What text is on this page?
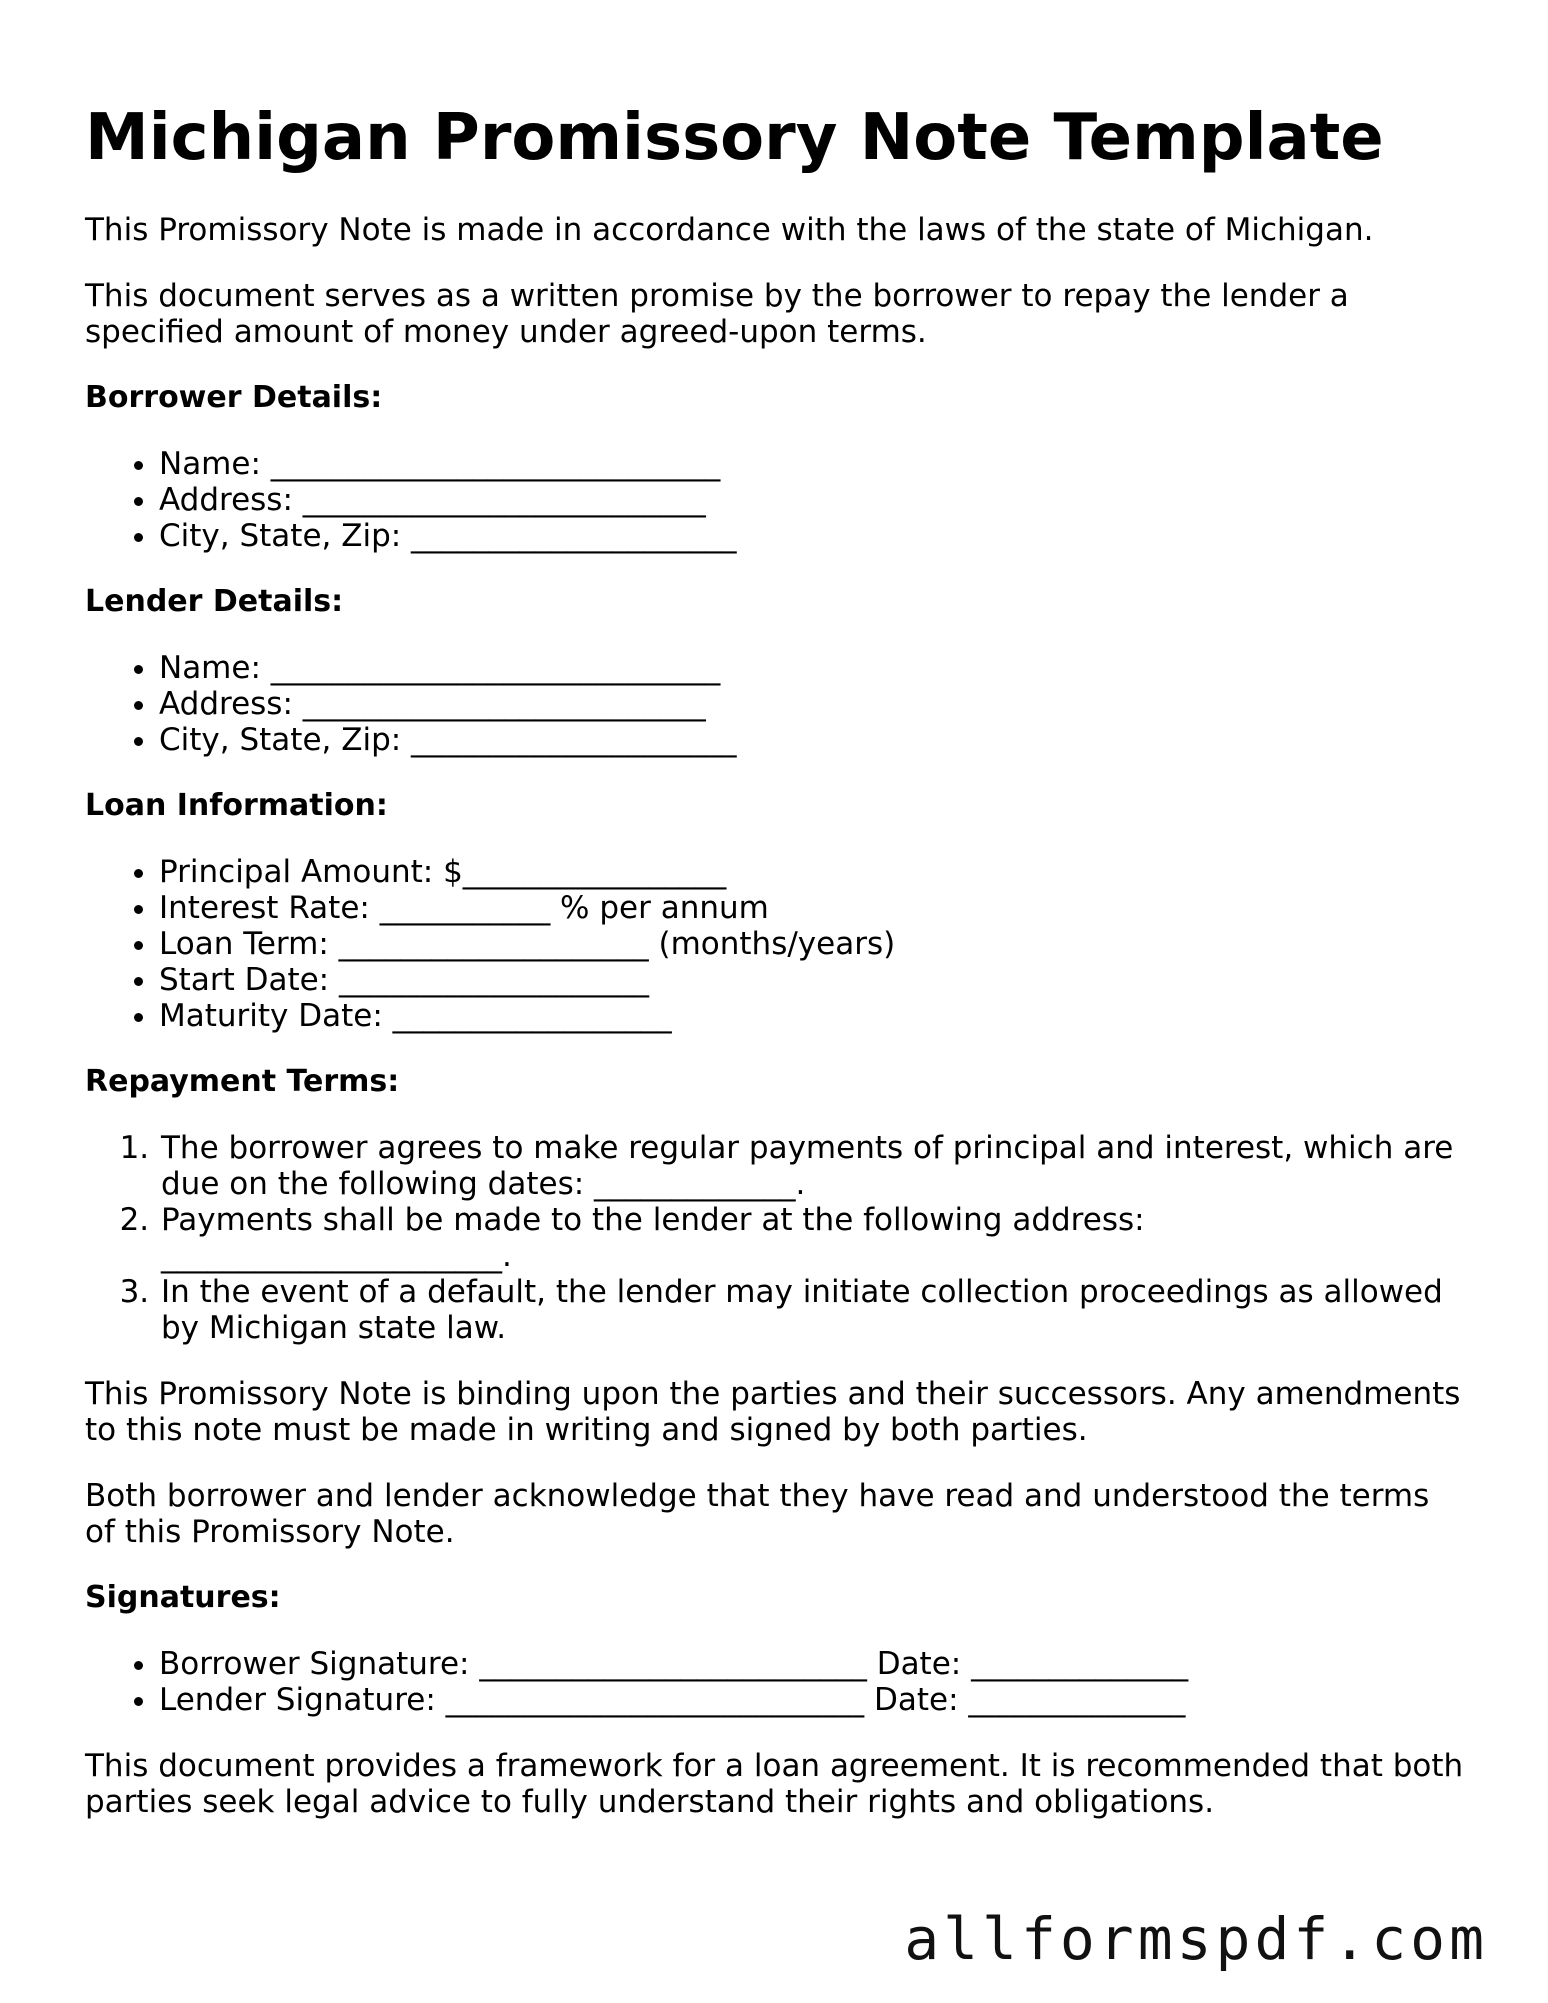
Michigan Promissory Note Template

This Promissory Note is made in accordance with the laws of the state of Michigan.

This document serves as a written promise by the borrower to repay the lender a specified amount of money under agreed-upon terms.

Borrower Details:
• Name: _____________________________
• Address: __________________________
• City, State, Zip: _____________________
Lender Details:
• Name: _____________________________
• Address: __________________________
• City, State, Zip: _____________________
Loan Information:
• Principal Amount: $_________________
• Interest Rate: ___________ % per annum
• Loan Term: ____________________ (months/years)
• Start Date: ____________________
• Maturity Date: __________________
Repayment Terms:
1. The borrower agrees to make regular payments of principal and interest, which are due on the following dates: _____________.
2. Payments shall be made to the lender at the following address: ______________________.
3. In the event of a default, the lender may initiate collection proceedings as allowed by Michigan state law.

This Promissory Note is binding upon the parties and their successors. Any amendments to this note must be made in writing and signed by both parties.

Both borrower and lender acknowledge that they have read and understood the terms of this Promissory Note.

Signatures:
• Borrower Signature: _________________________ Date: ______________
• Lender Signature: ___________________________ Date: ______________

This document provides a framework for a loan agreement. It is recommended that both parties seek legal advice to fully understand their rights and obligations.

allformspdf.com
